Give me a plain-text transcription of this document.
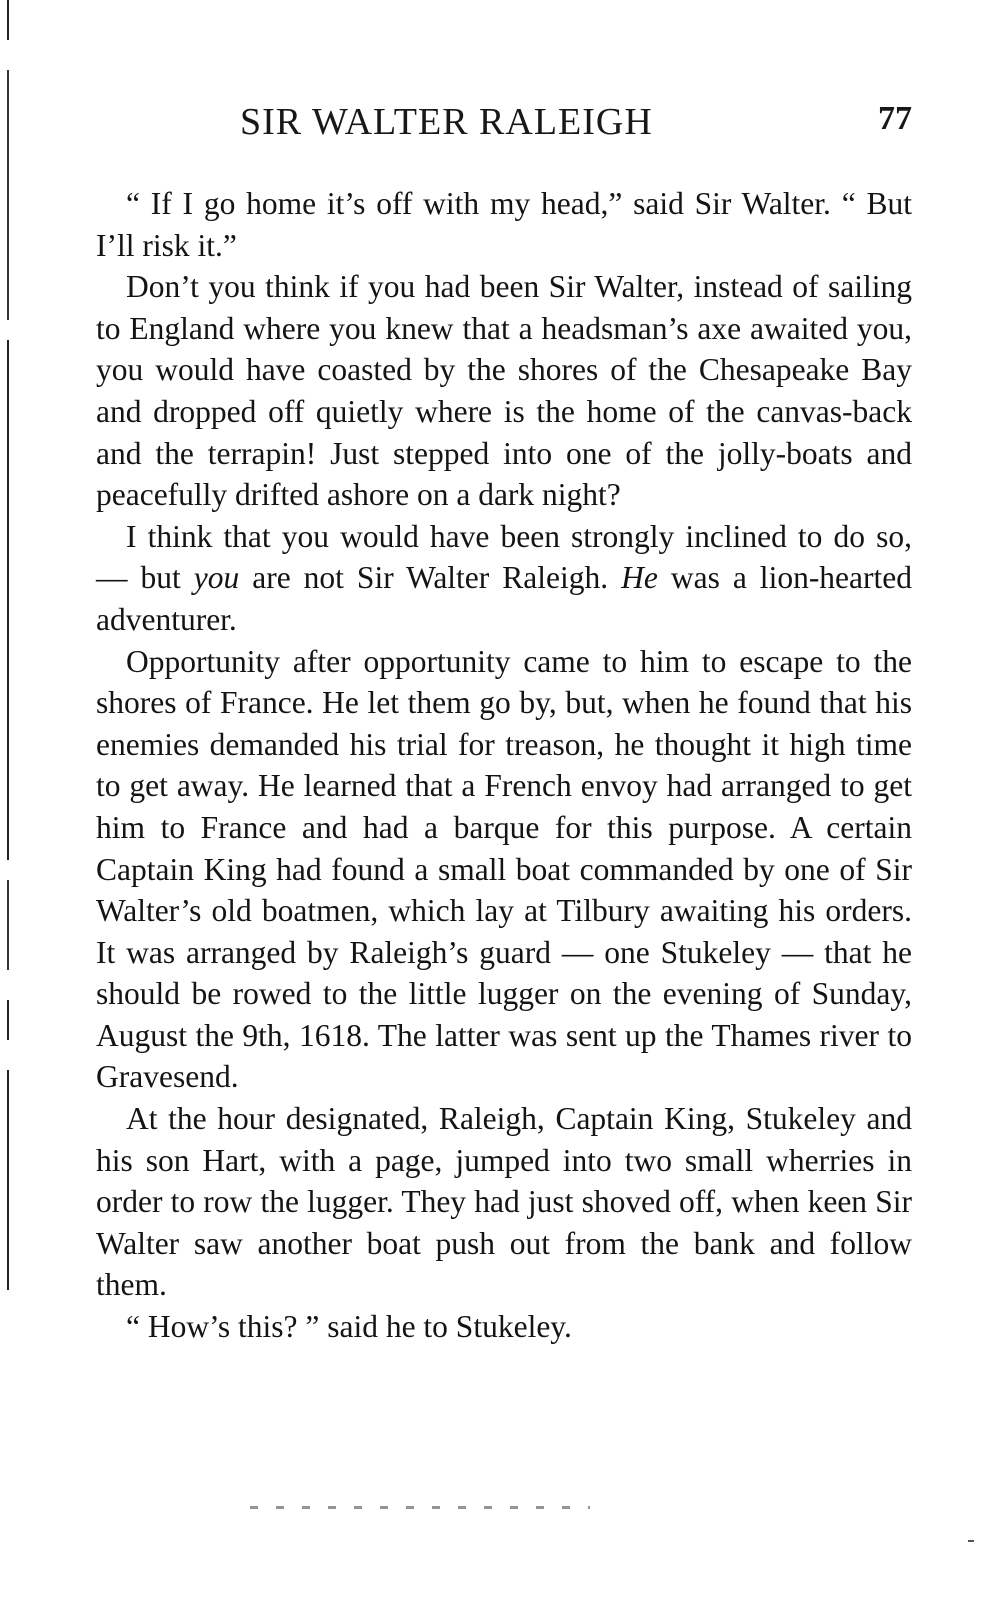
SIR WALTER RALEIGH	77

“ If I go home it’s off with my head,” said Sir Walter. “ But I’ll risk it.”

Don’t you think if you had been Sir Walter, instead of sailing to England where you knew that a headsman’s axe awaited you, you would have coasted by the shores of the Chesapeake Bay and dropped off quietly where is the home of the canvas-back and the terrapin! Just stepped into one of the jolly-boats and peacefully drifted ashore on a dark night?

I think that you would have been strongly inclined to do so, — but you are not Sir Walter Raleigh. He was a lion-hearted adventurer.

Opportunity after opportunity came to him to escape to the shores of France. He let them go by, but, when he found that his enemies demanded his trial for treason, he thought it high time to get away. He learned that a French envoy had arranged to get him to France and had a barque for this purpose. A certain Captain King had found a small boat commanded by one of Sir Walter’s old boatmen, which lay at Tilbury awaiting his orders. It was arranged by Raleigh’s guard — one Stukeley — that he should be rowed to the little lugger on the evening of Sunday, August the 9th, 1618. The latter was sent up the Thames river to Gravesend.

At the hour designated, Raleigh, Captain King, Stukeley and his son Hart, with a page, jumped into two small wherries in order to row the lugger. They had just shoved off, when keen Sir Walter saw another boat push out from the bank and follow them.

“ How’s this? ” said he to Stukeley.
